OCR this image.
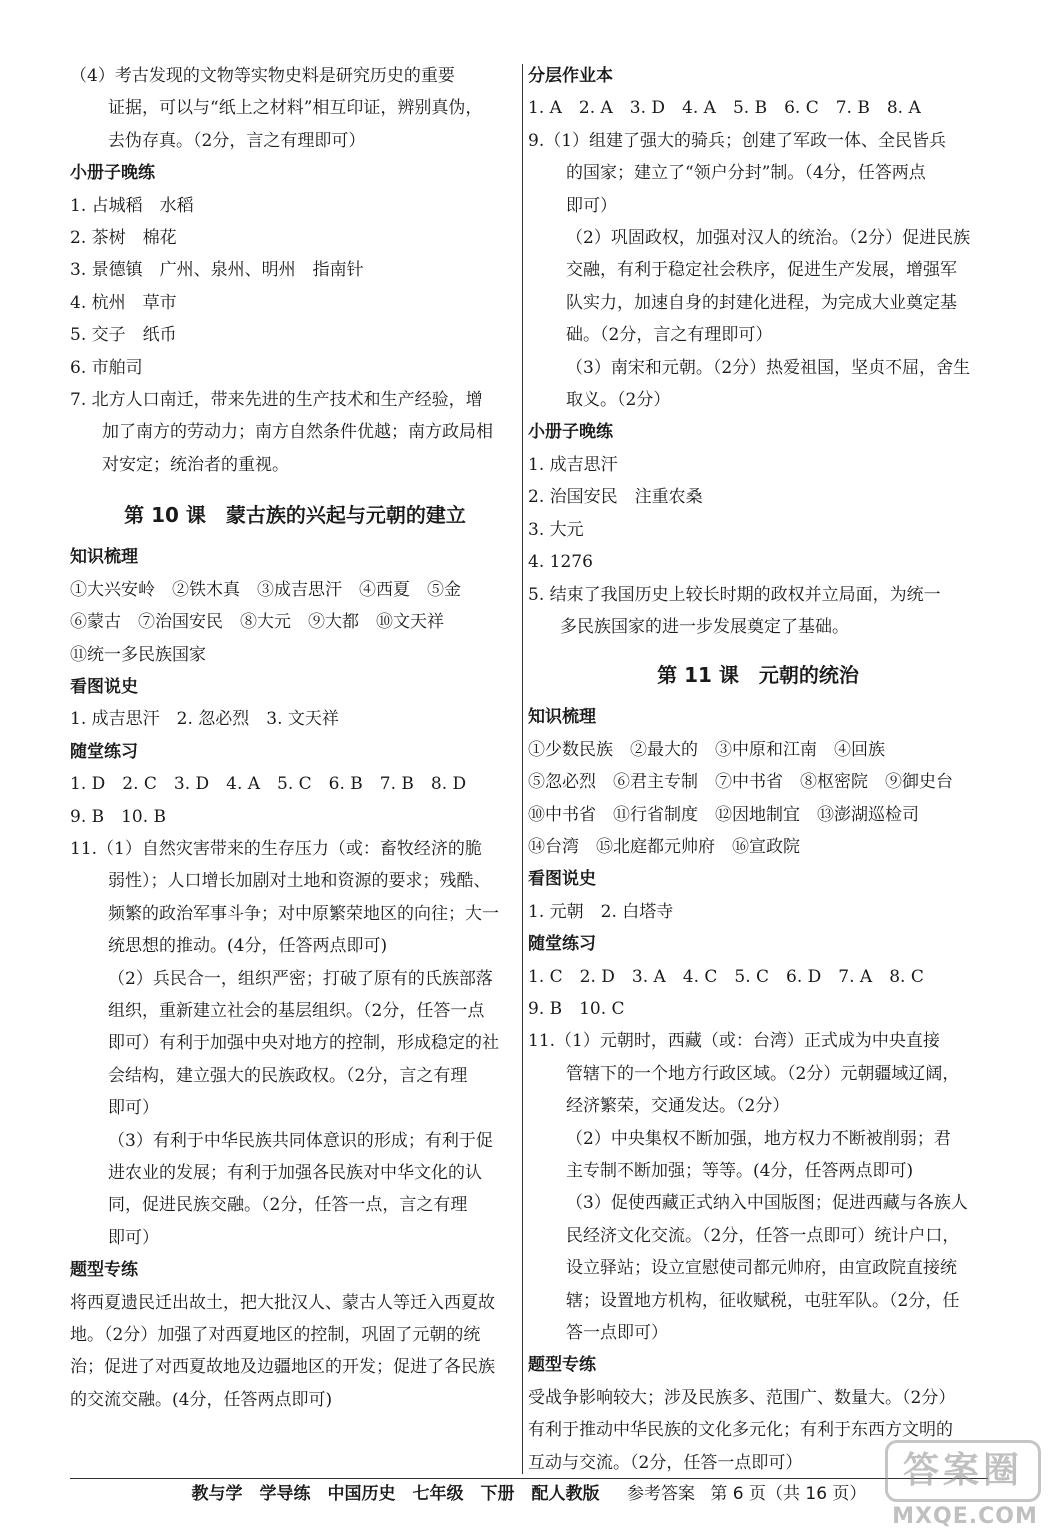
（4）考古发现的文物等实物史料是研究历史的重要

证据，可以与“纸上之材料”相互印证，辨别真伪，

去伪存真。（2分，言之有理即可）

小册子晚练

1. 占城稻　水稻

2. 茶树　棉花

3. 景德镇　广州、泉州、明州　指南针

4. 杭州　草市

5. 交子　纸币

6. 市舶司

7. 北方人口南迁，带来先进的生产技术和生产经验，增

加了南方的劳动力；南方自然条件优越；南方政局相

对安定；统治者的重视。

第 10 课　蒙古族的兴起与元朝的建立

知识梳理

①大兴安岭　②铁木真　③成吉思汗　④西夏　⑤金

⑥蒙古　⑦治国安民　⑧大元　⑨大都　⑩文天祥

⑪统一多民族国家

看图说史

1. 成吉思汗　2. 忽必烈　3. 文天祥

随堂练习

1. D　2. C　3. D　4. A　5. C　6. B　7. B　8. D

9. B　10. B

11.（1）自然灾害带来的生存压力（或：畜牧经济的脆

弱性）；人口增长加剧对土地和资源的要求；残酷、

频繁的政治军事斗争；对中原繁荣地区的向往；大一

统思想的推动。(4分，任答两点即可)

（2）兵民合一，组织严密；打破了原有的氏族部落

组织，重新建立社会的基层组织。（2分，任答一点

即可）有利于加强中央对地方的控制，形成稳定的社

会结构，建立强大的民族政权。（2分，言之有理

即可）

（3）有利于中华民族共同体意识的形成；有利于促

进农业的发展；有利于加强各民族对中华文化的认

同，促进民族交融。（2分，任答一点，言之有理

即可）

题型专练

将西夏遗民迁出故土，把大批汉人、蒙古人等迁入西夏故

地。（2分）加强了对西夏地区的控制，巩固了元朝的统

治；促进了对西夏故地及边疆地区的开发；促进了各民族

的交流交融。(4分，任答两点即可)

分层作业本

1. A　2. A　3. D　4. A　5. B　6. C　7. B　8. A

9.（1）组建了强大的骑兵；创建了军政一体、全民皆兵

的国家；建立了“领户分封”制。（4分，任答两点

即可）

（2）巩固政权，加强对汉人的统治。（2分）促进民族

交融，有利于稳定社会秩序，促进生产发展，增强军

队实力，加速自身的封建化进程，为完成大业奠定基

础。（2分，言之有理即可）

（3）南宋和元朝。（2分）热爱祖国，坚贞不屈，舍生

取义。（2分）

小册子晚练

1. 成吉思汗

2. 治国安民　注重农桑

3. 大元

4. 1276

5. 结束了我国历史上较长时期的政权并立局面，为统一

多民族国家的进一步发展奠定了基础。

第 11 课　元朝的统治

知识梳理

①少数民族　②最大的　③中原和江南　④回族

⑤忽必烈　⑥君主专制　⑦中书省　⑧枢密院　⑨御史台

⑩中书省　⑪行省制度　⑫因地制宜　⑬澎湖巡检司

⑭台湾　⑮北庭都元帅府　⑯宣政院

看图说史

1. 元朝　2. 白塔寺

随堂练习

1. C　2. D　3. A　4. C　5. C　6. D　7. A　8. C

9. B　10. C

11.（1）元朝时，西藏（或：台湾）正式成为中央直接

管辖下的一个地方行政区域。（2分）元朝疆域辽阔，

经济繁荣，交通发达。（2分）

（2）中央集权不断加强，地方权力不断被削弱；君

主专制不断加强；等等。(4分，任答两点即可)

（3）促使西藏正式纳入中国版图；促进西藏与各族人

民经济文化交流。（2分，任答一点即可）统计户口，

设立驿站；设立宣慰使司都元帅府，由宣政院直接统

辖；设置地方机构，征收赋税，屯驻军队。（2分，任

答一点即可）

题型专练

受战争影响较大；涉及民族多、范围广、数量大。（2分）

有利于推动中华民族的文化多元化；有利于东西方文明的

互动与交流。（2分，任答一点即可）

教与学　学导练　中国历史　七年级　下册　配人教版 参考答案 第 6 页（共 16 页）
答案圈
MXQE.COM
